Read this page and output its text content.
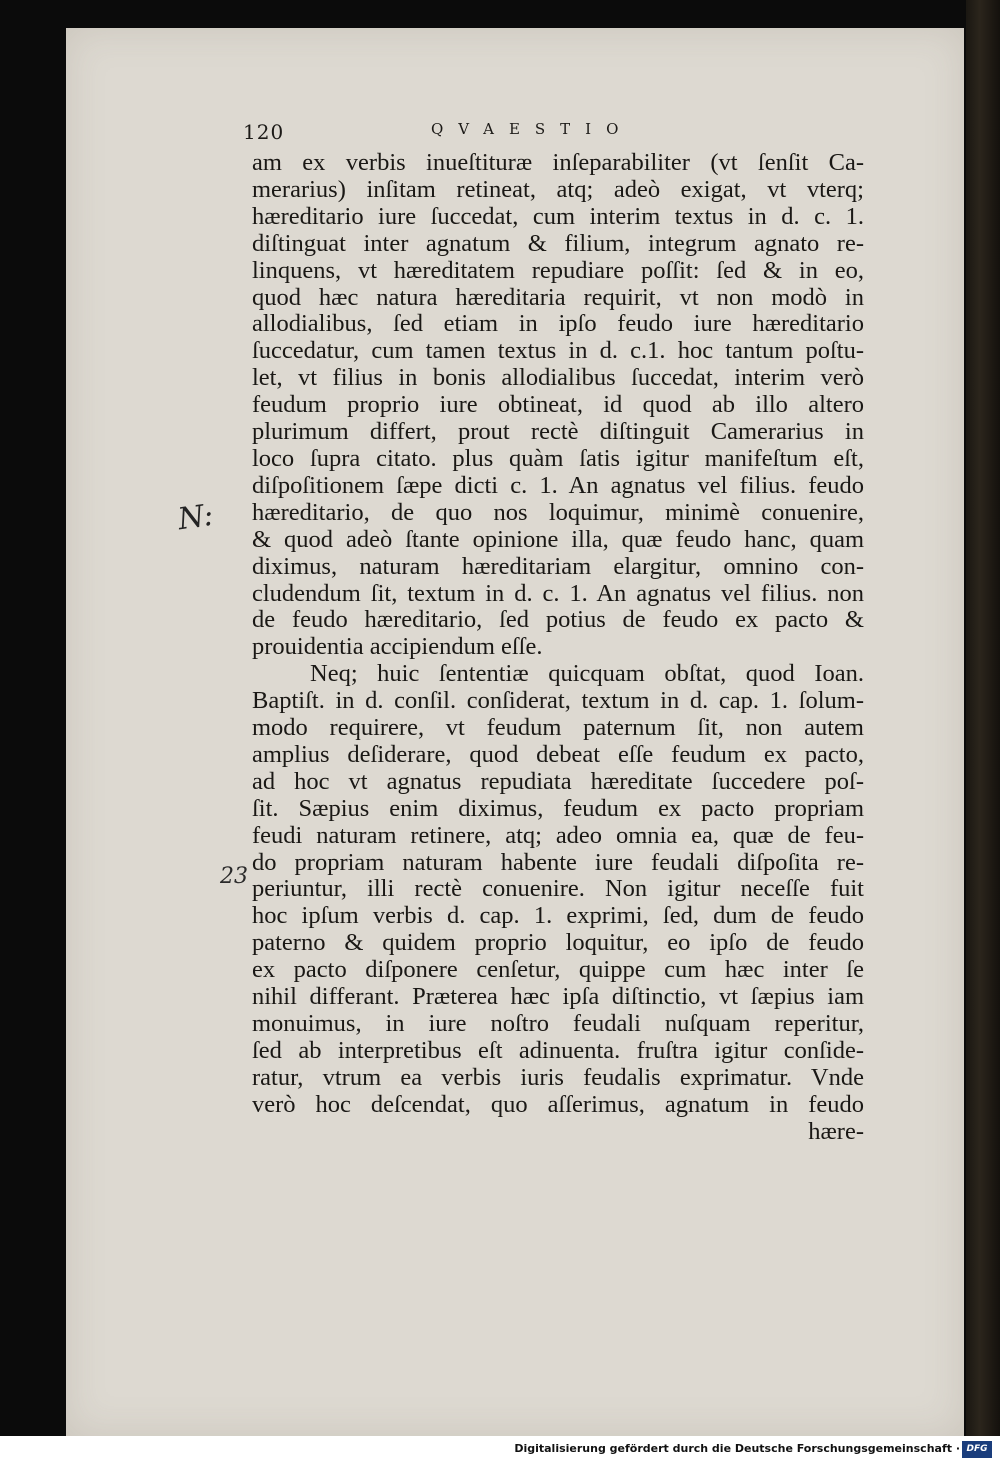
120	QVAESTIO
N:
23
am ex verbis inueſtituræ inſeparabiliter (vt ſenſit Ca-
merarius) inſitam retineat, atq; adeò exigat, vt vterq;
hæreditario iure ſuccedat, cum interim textus in d. c. 1.
diſtinguat inter agnatum & filium, integrum agnato re-
linquens, vt hæreditatem repudiare poſſit: ſed & in eo,
quod hæc natura hæreditaria requirit, vt non modò in
allodialibus, ſed etiam in ipſo feudo iure hæreditario
ſuccedatur, cum tamen textus in d. c.1. hoc tantum poſtu-
let, vt filius in bonis allodialibus ſuccedat, interim verò
feudum proprio iure obtineat, id quod ab illo altero
plurimum differt, prout rectè diſtinguit Camerarius in
loco ſupra citato. plus quàm ſatis igitur manifeſtum eſt,
diſpoſitionem ſæpe dicti c. 1. An agnatus vel filius. feudo
hæreditario, de quo nos loquimur, minimè conuenire,
& quod adeò ſtante opinione illa, quæ feudo hanc, quam
diximus, naturam hæreditariam elargitur, omnino con-
cludendum ſit, textum in d. c. 1. An agnatus vel filius. non
de feudo hæreditario, ſed potius de feudo ex pacto &
prouidentia accipiendum eſſe.
Neq; huic ſententiæ quicquam obſtat, quod Ioan.
Baptiſt. in d. conſil. conſiderat, textum in d. cap. 1. ſolum-
modo requirere, vt feudum paternum ſit, non autem
amplius deſiderare, quod debeat eſſe feudum ex pacto,
ad hoc vt agnatus repudiata hæreditate ſuccedere poſ-
ſit. Sæpius enim diximus, feudum ex pacto propriam
feudi naturam retinere, atq; adeo omnia ea, quæ de feu-
do propriam naturam habente iure feudali diſpoſita re-
periuntur, illi rectè conuenire. Non igitur neceſſe fuit
hoc ipſum verbis d. cap. 1. exprimi, ſed, dum de feudo
paterno & quidem proprio loquitur, eo ipſo de feudo
ex pacto diſponere cenſetur, quippe cum hæc inter ſe
nihil differant. Præterea hæc ipſa diſtinctio, vt ſæpius iam
monuimus, in iure noſtro feudali nuſquam reperitur,
ſed ab interpretibus eſt adinuenta. fruſtra igitur conſide-
ratur, vtrum ea verbis iuris feudalis exprimatur. Vnde
verò hoc deſcendat, quo aſſerimus, agnatum in feudo
hære-
Digitalisierung gefördert durch die Deutsche Forschungsgemeinschaft · DFG
